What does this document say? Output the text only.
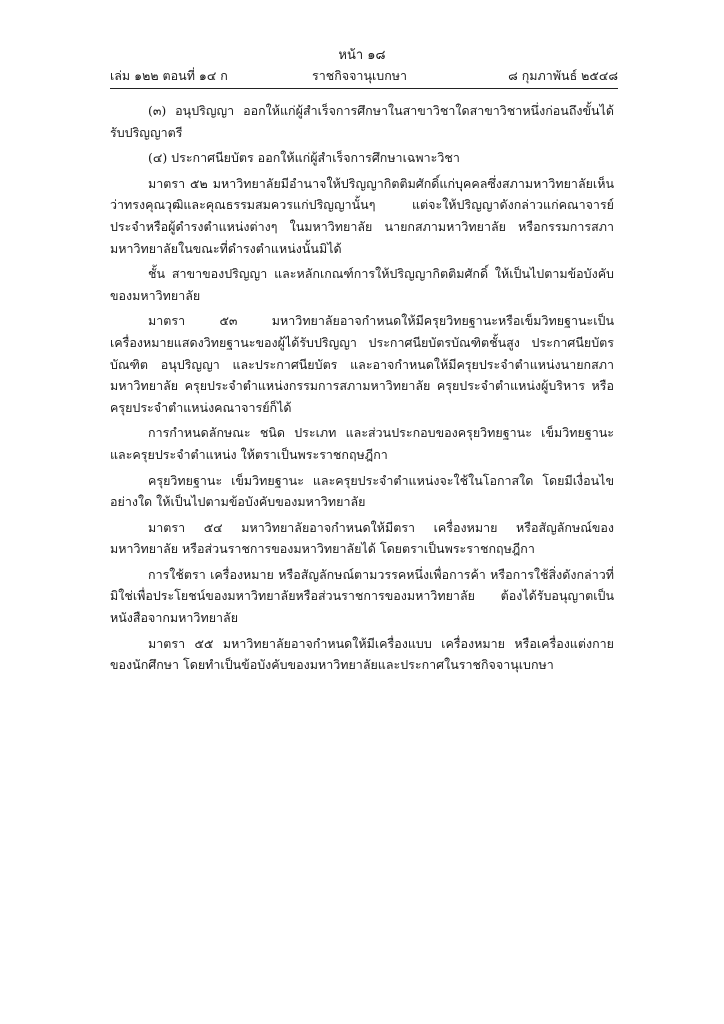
หน้า ๑๘
เล่ม ๑๒๒ ตอนที่ ๑๔ ก	ราชกิจจานุเบกษา	๘ กุมภาพันธ์ ๒๕๔๘

(๓) อนุปริญญา ออกให้แก่ผู้สำเร็จการศึกษาในสาขาวิชาใดสาขาวิชาหนึ่งก่อนถึงขั้นได้รับปริญญาตรี

(๔) ประกาศนียบัตร ออกให้แก่ผู้สำเร็จการศึกษาเฉพาะวิชา

มาตรา ๕๒ มหาวิทยาลัยมีอำนาจให้ปริญญากิตติมศักดิ์แก่บุคคลซึ่งสภามหาวิทยาลัยเห็นว่าทรงคุณวุฒิและคุณธรรมสมควรแก่ปริญญานั้นๆ แต่จะให้ปริญญาดังกล่าวแก่คณาจารย์ประจำหรือผู้ดำรงตำแหน่งต่างๆ ในมหาวิทยาลัย นายกสภามหาวิทยาลัย หรือกรรมการสภามหาวิทยาลัยในขณะที่ดำรงตำแหน่งนั้นมิได้

ชั้น สาขาของปริญญา และหลักเกณฑ์การให้ปริญญากิตติมศักดิ์ ให้เป็นไปตามข้อบังคับของมหาวิทยาลัย

มาตรา ๕๓ มหาวิทยาลัยอาจกำหนดให้มีครุยวิทยฐานะหรือเข็มวิทยฐานะเป็นเครื่องหมายแสดงวิทยฐานะของผู้ได้รับปริญญา ประกาศนียบัตรบัณฑิตชั้นสูง ประกาศนียบัตรบัณฑิต อนุปริญญา และประกาศนียบัตร และอาจกำหนดให้มีครุยประจำตำแหน่งนายกสภามหาวิทยาลัย ครุยประจำตำแหน่งกรรมการสภามหาวิทยาลัย ครุยประจำตำแหน่งผู้บริหาร หรือครุยประจำตำแหน่งคณาจารย์ก็ได้

การกำหนดลักษณะ ชนิด ประเภท และส่วนประกอบของครุยวิทยฐานะ เข็มวิทยฐานะ และครุยประจำตำแหน่ง ให้ตราเป็นพระราชกฤษฎีกา

ครุยวิทยฐานะ เข็มวิทยฐานะ และครุยประจำตำแหน่งจะใช้ในโอกาสใด โดยมีเงื่อนไขอย่างใด ให้เป็นไปตามข้อบังคับของมหาวิทยาลัย

มาตรา ๕๔ มหาวิทยาลัยอาจกำหนดให้มีตรา เครื่องหมาย หรือสัญลักษณ์ของมหาวิทยาลัย หรือส่วนราชการของมหาวิทยาลัยได้ โดยตราเป็นพระราชกฤษฎีกา

การใช้ตรา เครื่องหมาย หรือสัญลักษณ์ตามวรรคหนึ่งเพื่อการค้า หรือการใช้สิ่งดังกล่าวที่มิใช่เพื่อประโยชน์ของมหาวิทยาลัยหรือส่วนราชการของมหาวิทยาลัย ต้องได้รับอนุญาตเป็นหนังสือจากมหาวิทยาลัย

มาตรา ๕๕ มหาวิทยาลัยอาจกำหนดให้มีเครื่องแบบ เครื่องหมาย หรือเครื่องแต่งกายของนักศึกษา โดยทำเป็นข้อบังคับของมหาวิทยาลัยและประกาศในราชกิจจานุเบกษา
